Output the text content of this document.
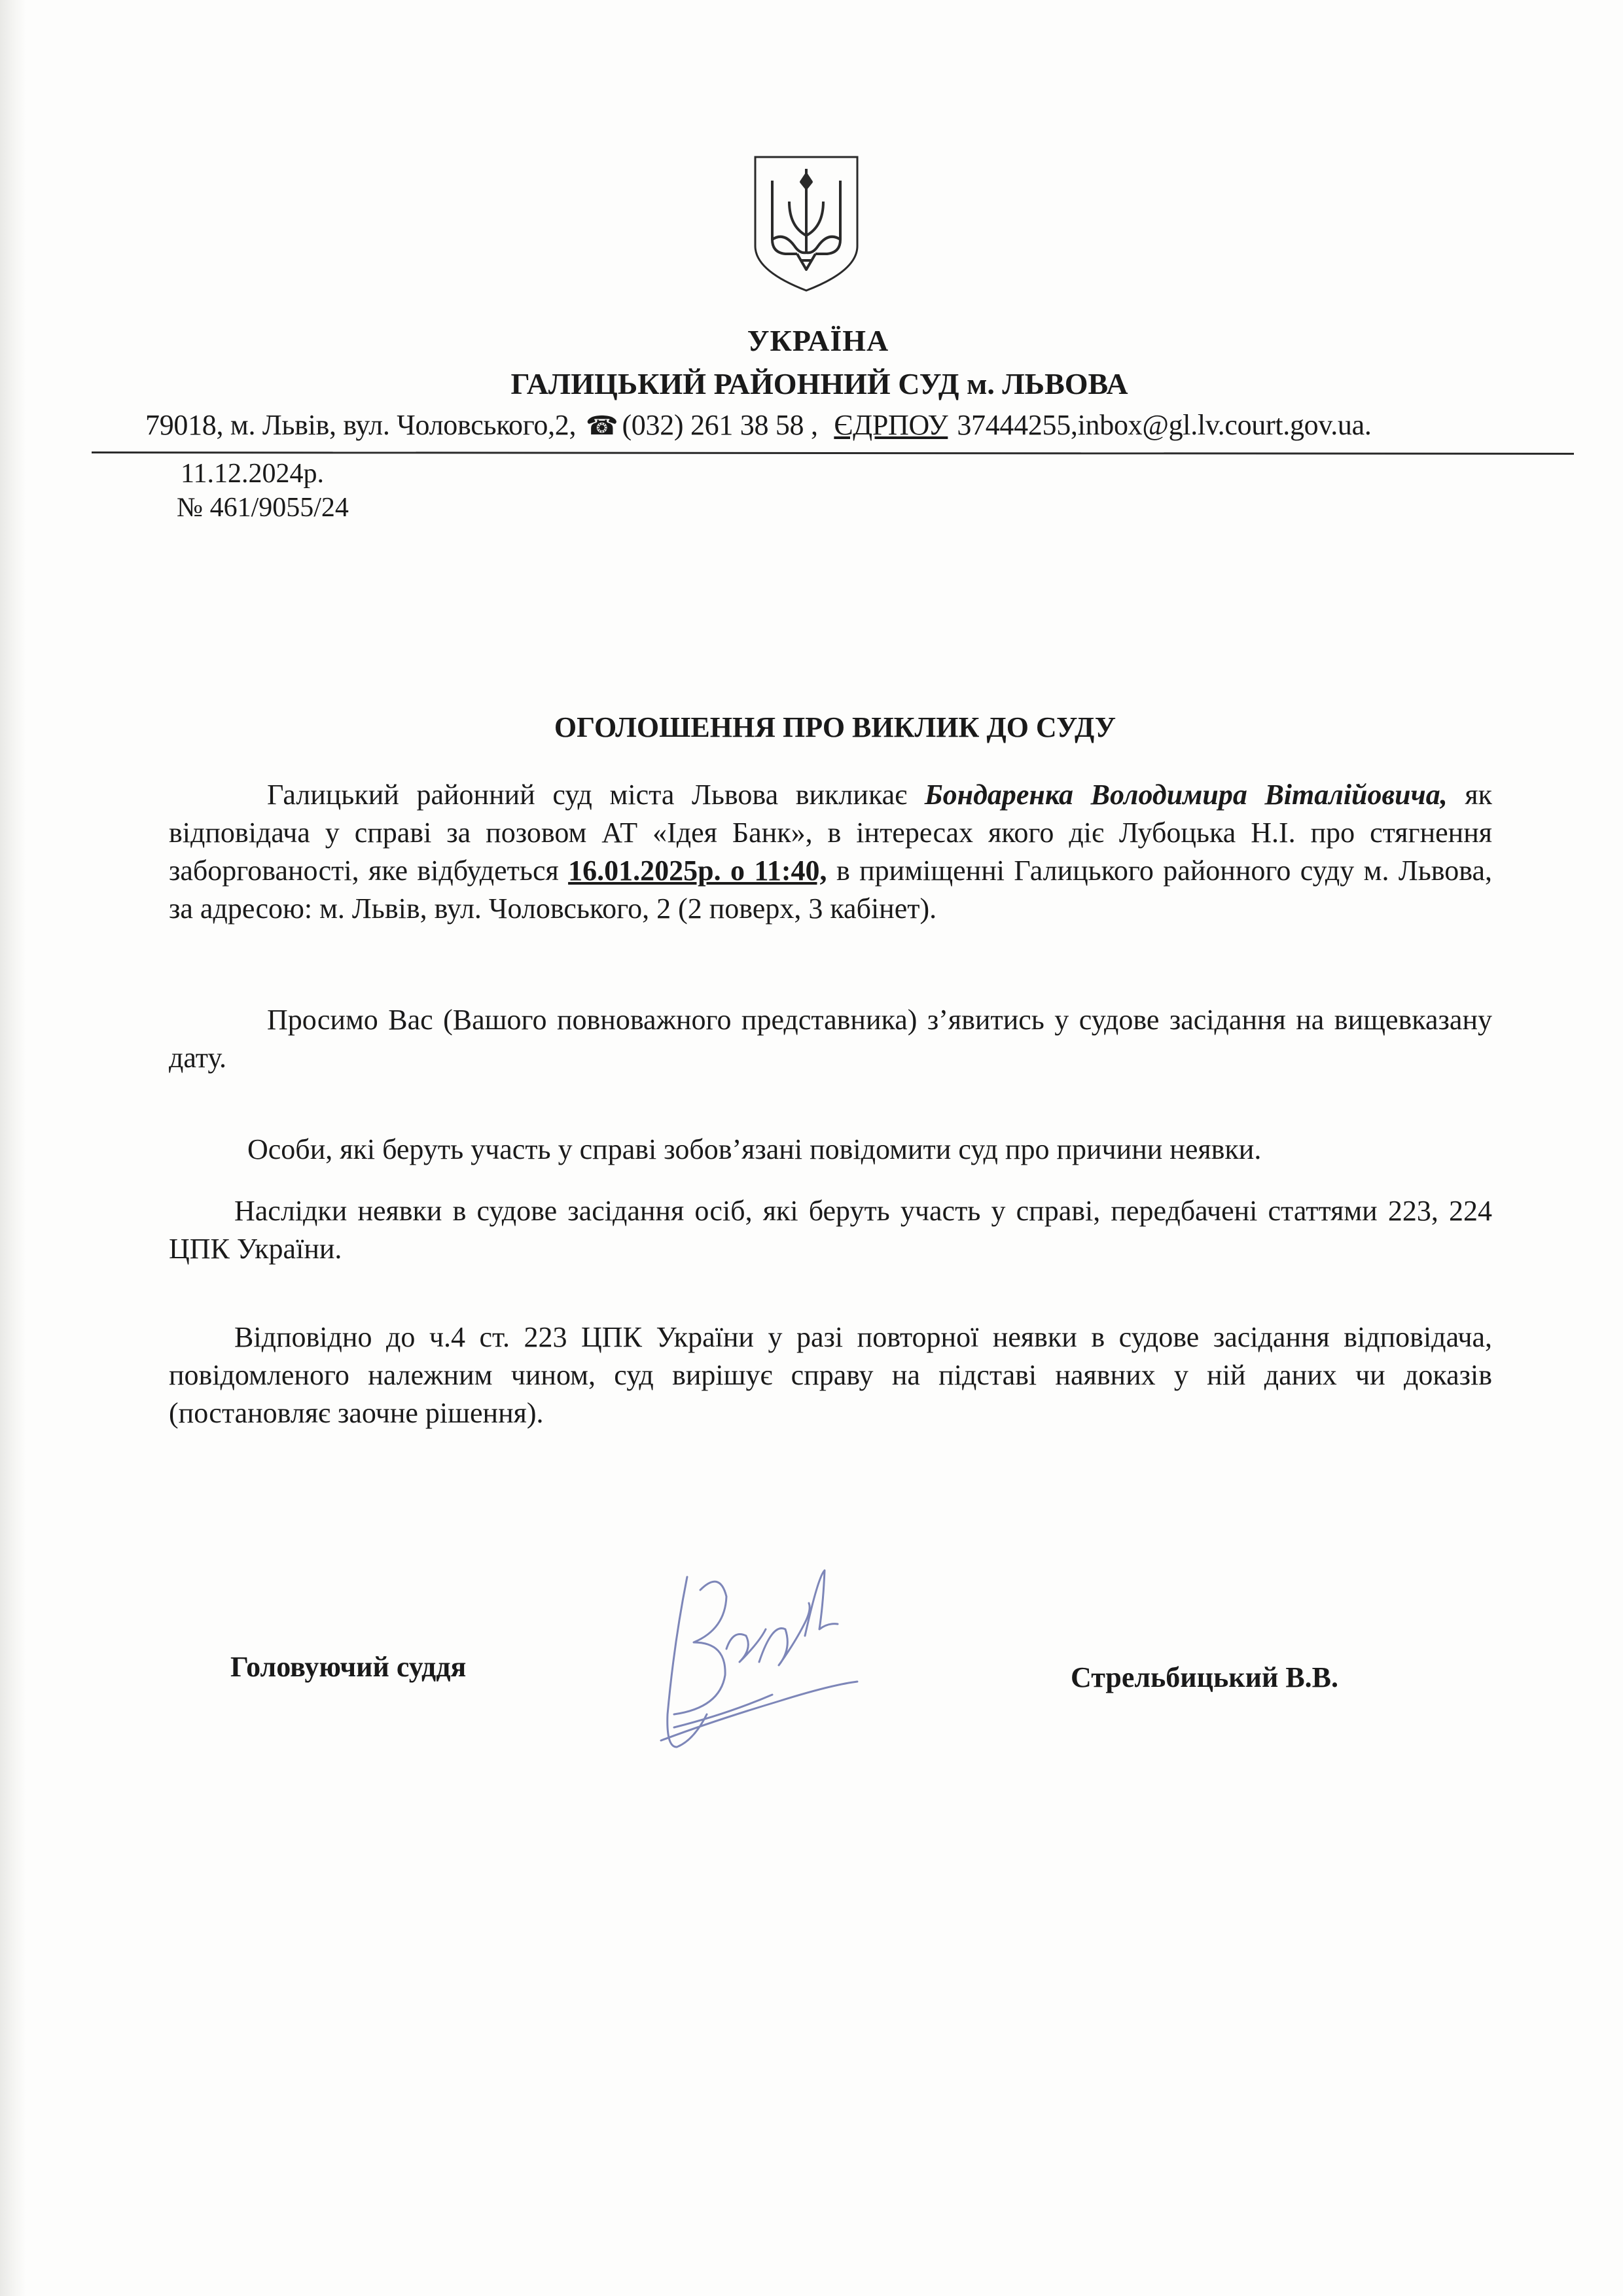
УКРАЇНА
ГАЛИЦЬКИЙ РАЙОННИЙ СУД м. ЛЬВОВА
79018, м. Львів, вул. Чоловського,2, ☎ (032) 261 38 58 , ЄДРПОУ 37444255,inbox@gl.lv.court.gov.ua.
11.12.2024р.
№ 461/9055/24
ОГОЛОШЕННЯ ПРО ВИКЛИК ДО СУДУ
Галицький районний суд міста Львова викликає Бондаренка Володимира Віталійовича, як відповідача у справі за позовом АТ «Ідея Банк», в інтересах якого діє Лубоцька Н.І. про стягнення заборгованості, яке відбудеться 16.01.2025р. о 11:40, в приміщенні Галицького районного суду м. Львова, за адресою: м. Львів, вул. Чоловського, 2 (2 поверх, 3 кабінет).
Просимо Вас (Вашого повноважного представника) з’явитись у судове засідання на вищевказану дату.
Особи, які беруть участь у справі зобов’язані повідомити суд про причини неявки.
Наслідки неявки в судове засідання осіб, які беруть участь у справі, передбачені статтями 223, 224 ЦПК України.
Відповідно до ч.4 ст. 223 ЦПК України у разі повторної неявки в судове засідання відповідача, повідомленого належним чином, суд вирішує справу на підставі наявних у ній даних чи доказів (постановляє заочне рішення).
Головуючий суддя	Стрельбицький В.В.
